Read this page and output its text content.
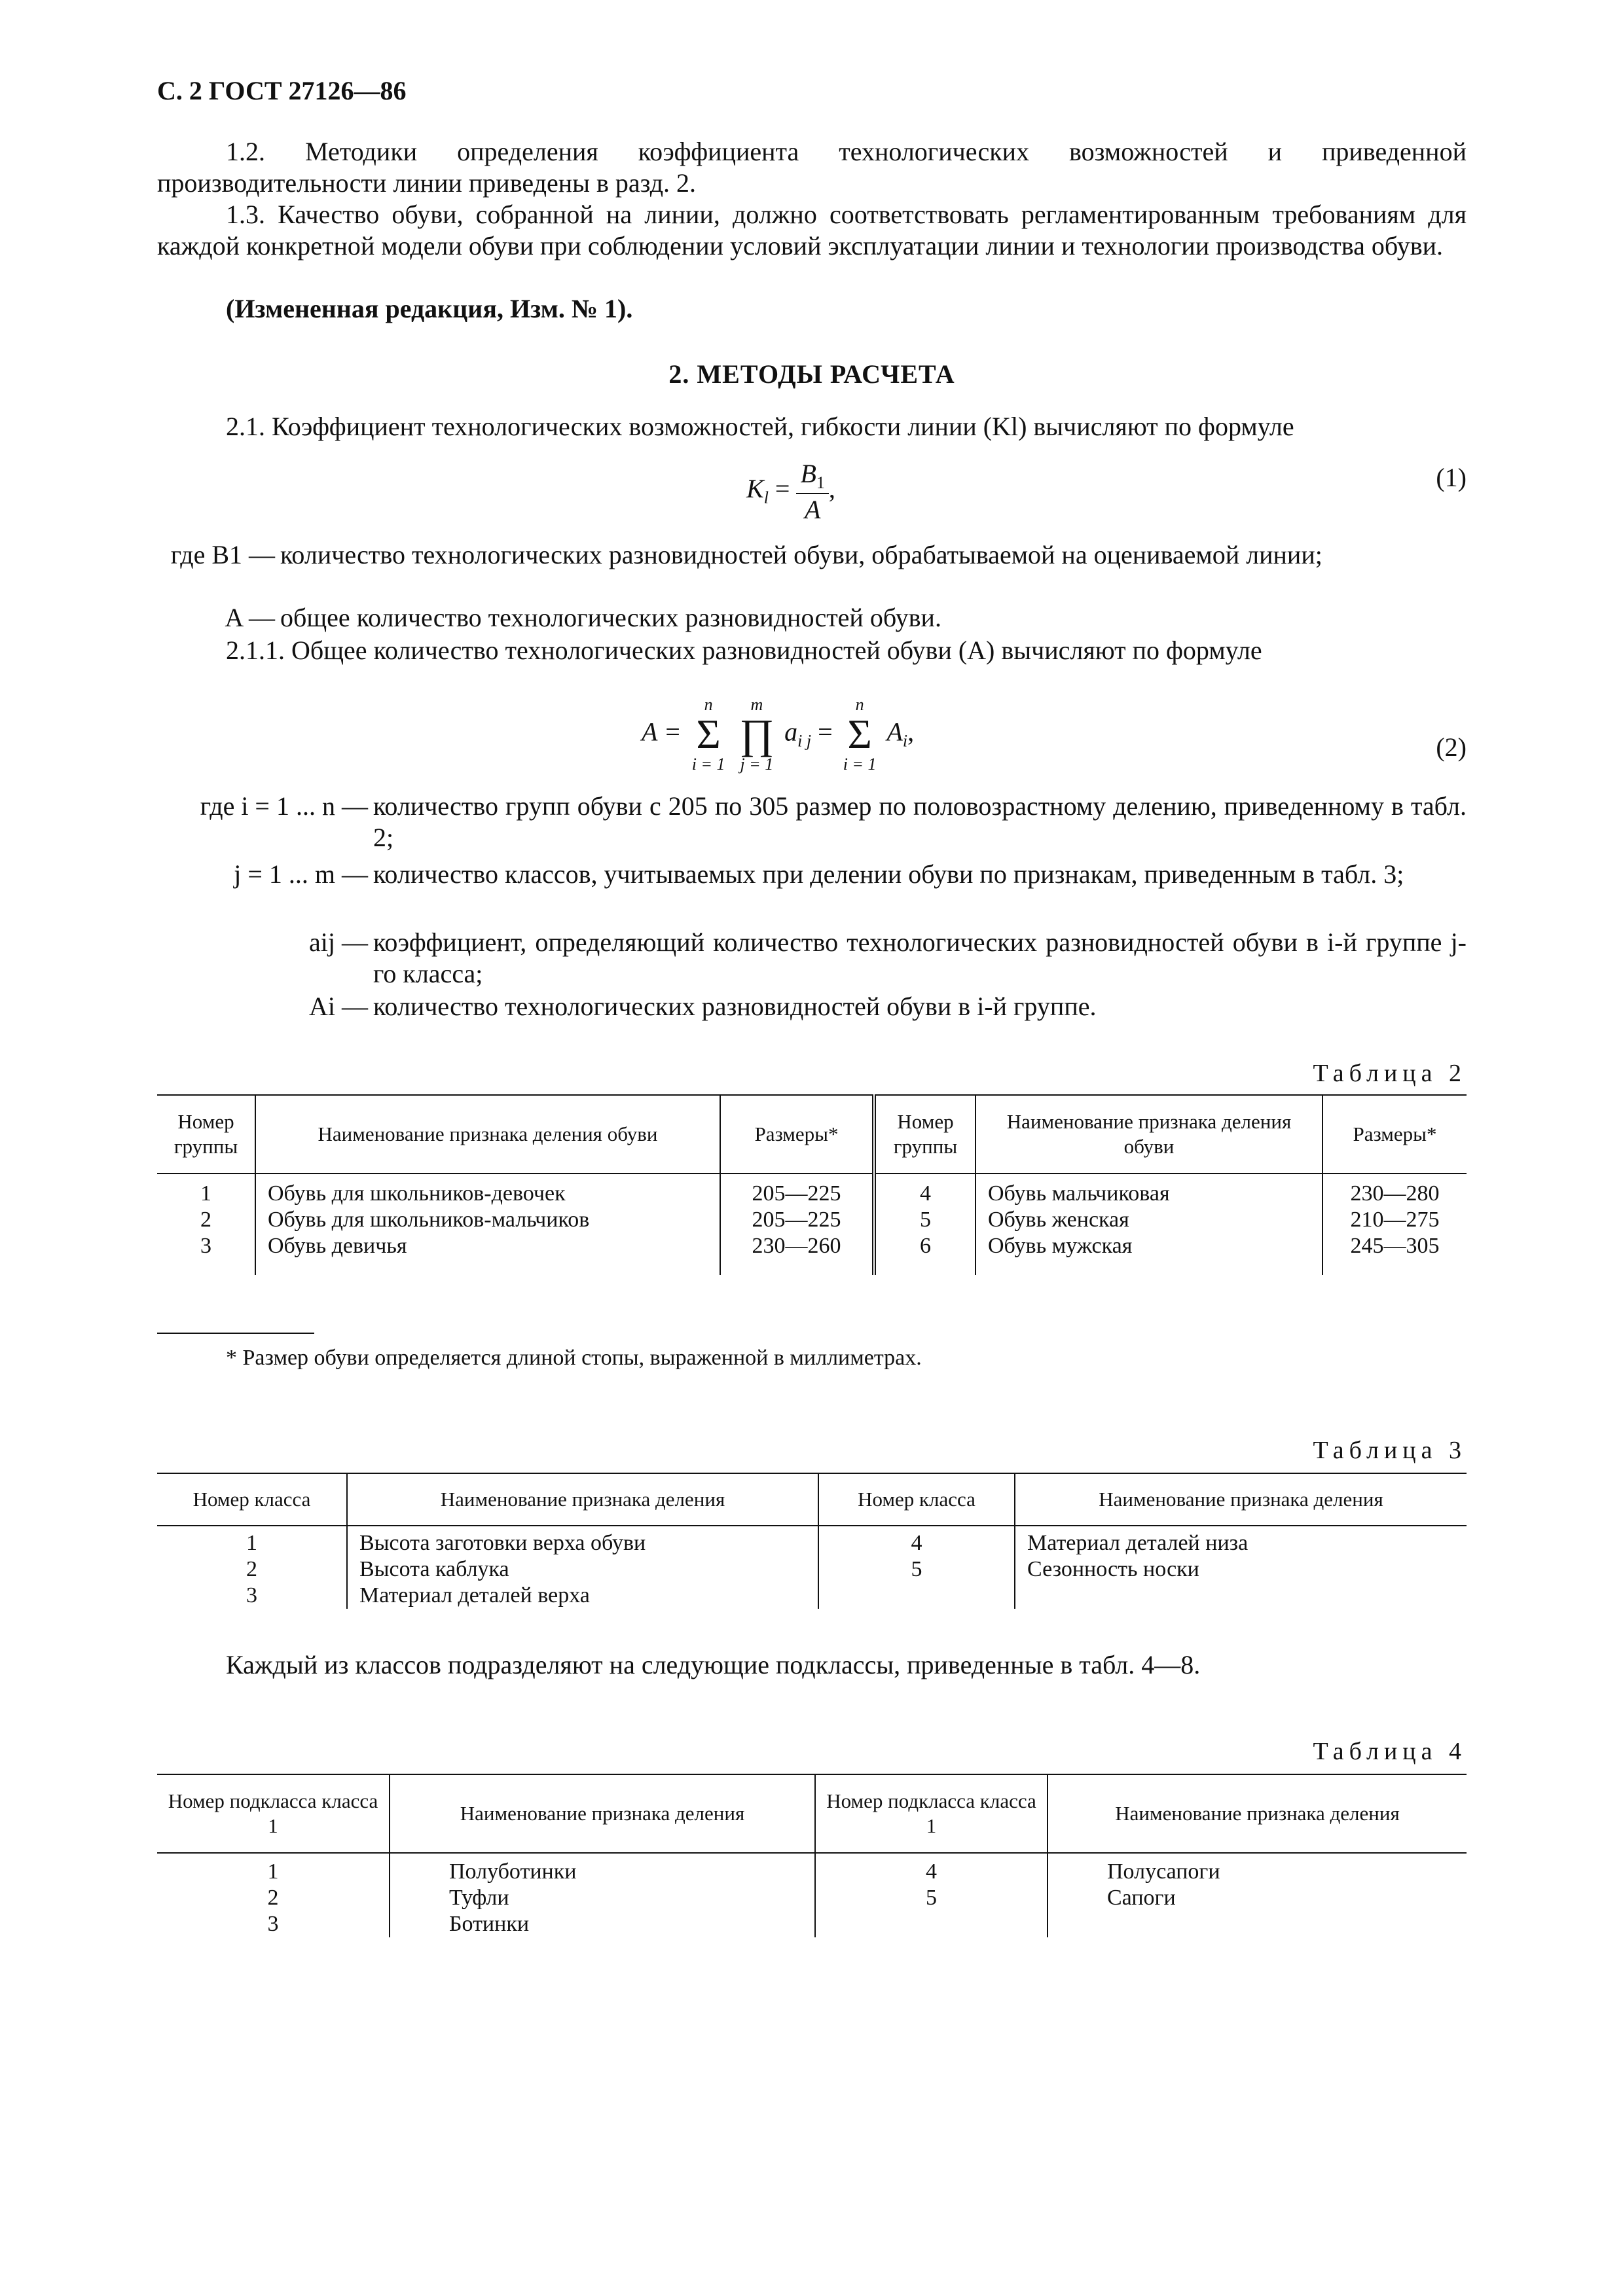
С. 2 ГОСТ 27126—86
1.2. Методики определения коэффициента технологических возможностей и приведенной производительности линии приведены в разд. 2.
1.3. Качество обуви, собранной на линии, должно соответствовать регламентированным требованиям для каждой конкретной модели обуви при соблюдении условий эксплуатации линии и технологии производства обуви.
(Измененная редакция, Изм. № 1).
2. МЕТОДЫ РАСЧЕТА
2.1. Коэффициент технологических возможностей, гибкости линии (Kl) вычисляют по формуле
$K_l = \frac{B_1}{A}$ ,	(1)
где B1 — количество технологических разновидностей обуви, обрабатываемой на оцениваемой линии;
A — общее количество технологических разновидностей обуви.
2.1.1. Общее количество технологических разновидностей обуви (A) вычисляют по формуле
A =
n
Σ
i = 1

m
∏
j = 1
$a_{i j}$ =
n
Σ
i = 1
$A_i$,
(2)
где i = 1 ... n — количество групп обуви с 205 по 305 размер по половозрастному делению, приведенному в табл. 2;
j = 1 ... m — количество классов, учитываемых при делении обуви по признакам, приведенным в табл. 3;
aij — коэффициент, определяющий количество технологических разновидностей обуви в i-й группе j-го класса;
Ai — количество технологических разновидностей обуви в i-й группе.
Таблица 2
Номер группы	Наименование признака деления обуви	Размеры*	Номер группы	Наименование признака деления обуви	Размеры*
1	Обувь для школьников-девочек	205—225	4	Обувь мальчиковая	230—280
2	Обувь для школьников-мальчиков	205—225	5	Обувь женская	210—275
3	Обувь девичья	230—260	6	Обувь мужская	245—305
* Размер обуви определяется длиной стопы, выраженной в миллиметрах.
Таблица 3
Номер класса	Наименование признака деления	Номер класса	Наименование признака деления
1	Высота заготовки верха обуви	4	Материал деталей низа
2	Высота каблука	5	Сезонность носки
3	Материал деталей верха		
Каждый из классов подразделяют на следующие подклассы, приведенные в табл. 4—8.
Таблица 4
Номер подкласса класса 1	Наименование признака деления	Номер подкласса класса 1	Наименование признака деления
1	Полуботинки	4	Полусапоги
2	Туфли	5	Сапоги
3	Ботинки		
